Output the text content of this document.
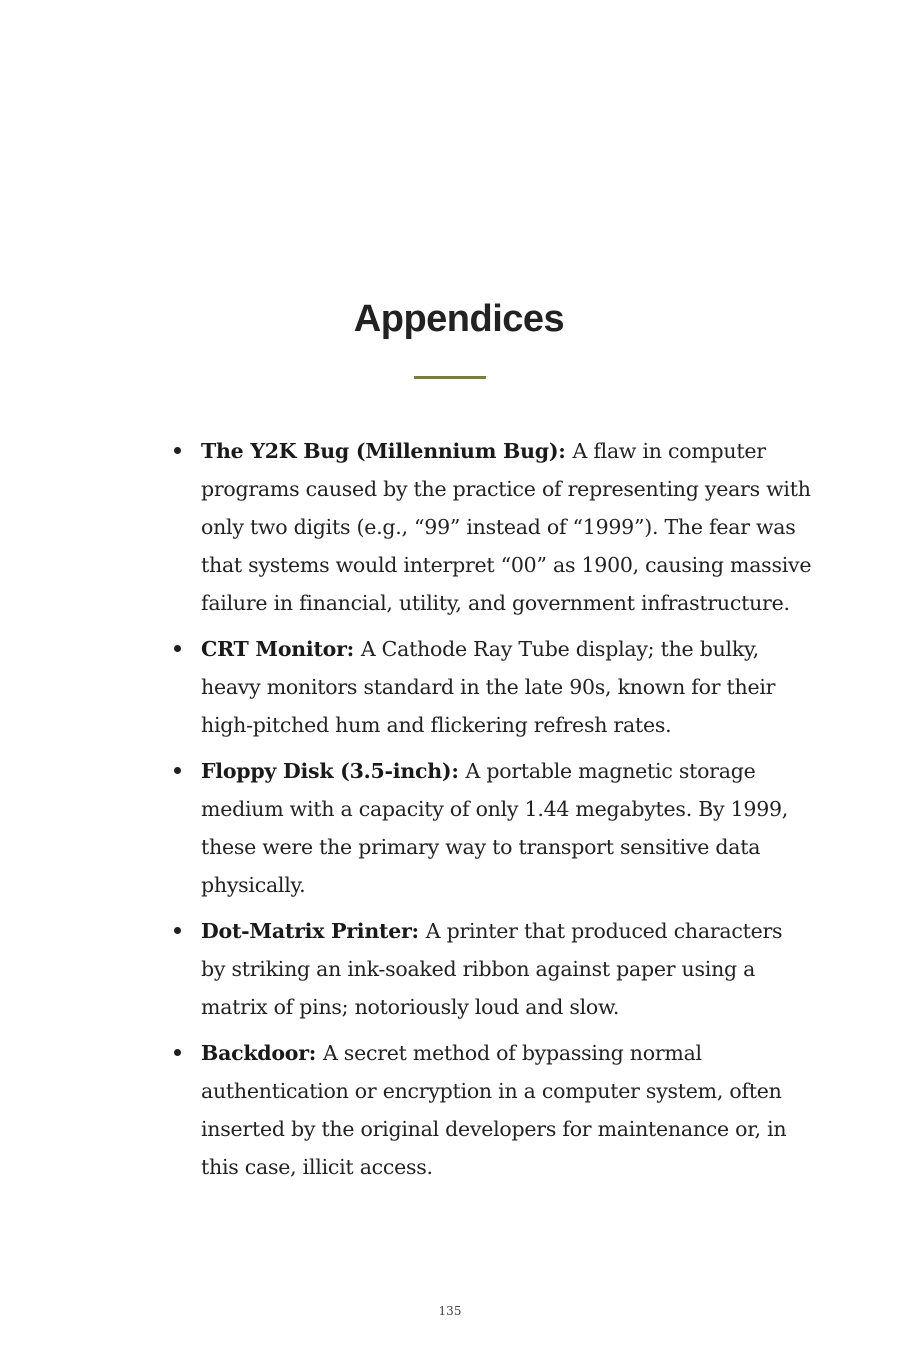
Appendices
The Y2K Bug (Millennium Bug): A flaw in computer programs caused by the practice of representing years with only two digits (e.g., “99” instead of “1999”). The fear was that systems would interpret “00” as 1900, causing massive failure in financial, utility, and government infrastructure.
CRT Monitor: A Cathode Ray Tube display; the bulky, heavy monitors standard in the late 90s, known for their high-pitched hum and flickering refresh rates.
Floppy Disk (3.5-inch): A portable magnetic storage medium with a capacity of only 1.44 megabytes. By 1999, these were the primary way to transport sensitive data physically.
Dot-Matrix Printer: A printer that produced characters by striking an ink-soaked ribbon against paper using a matrix of pins; notoriously loud and slow.
Backdoor: A secret method of bypassing normal authentication or encryption in a computer system, often inserted by the original developers for maintenance or, in this case, illicit access.
135
